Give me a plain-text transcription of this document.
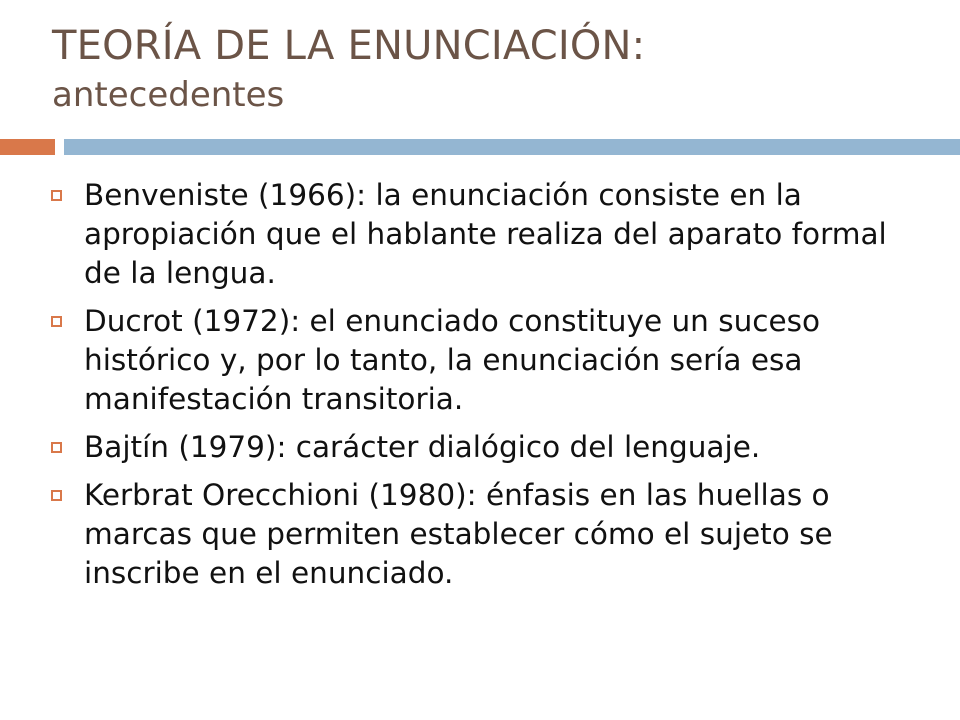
TEORÍA DE LA ENUNCIACIÓN:
antecedentes
Benveniste (1966): la enunciación consiste en la apropiación que el hablante realiza del aparato formal de la lengua.
Ducrot (1972): el enunciado constituye un suceso histórico y, por lo tanto, la enunciación sería esa manifestación transitoria.
Bajtín (1979): carácter dialógico del lenguaje.
Kerbrat Orecchioni (1980): énfasis en las huellas o marcas que permiten establecer cómo el sujeto se inscribe en el enunciado.
